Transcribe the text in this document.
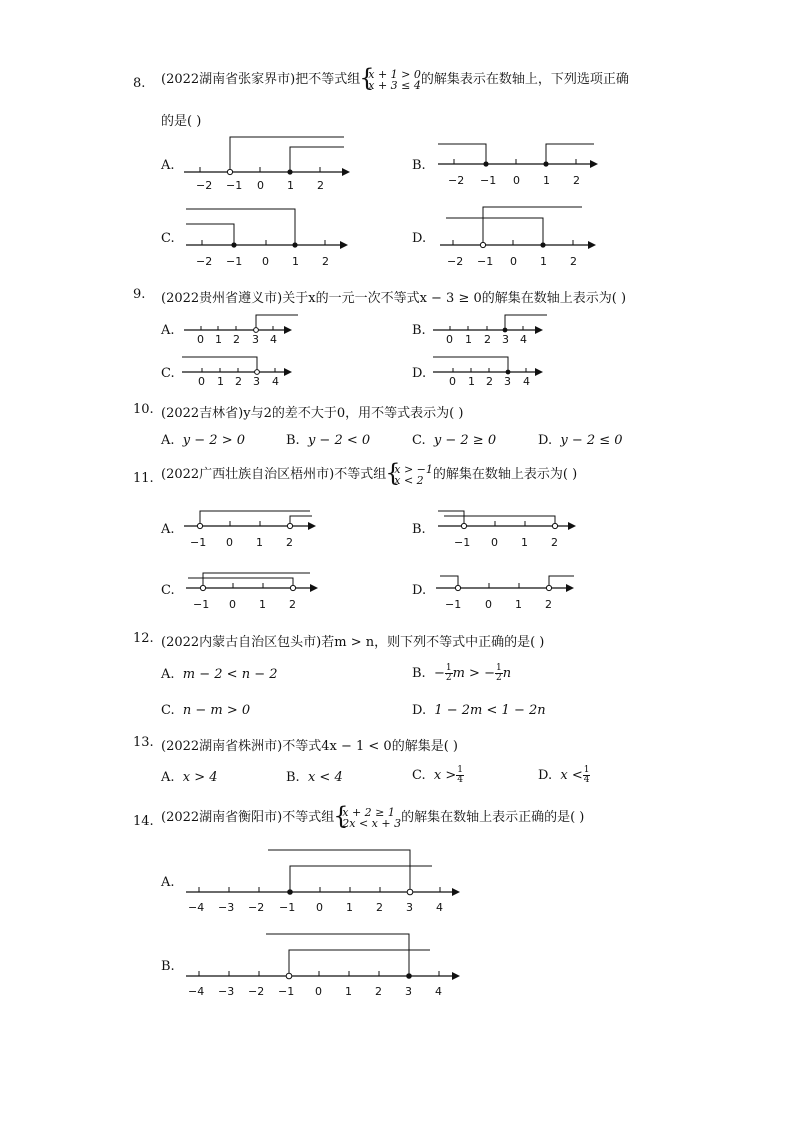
8. (2022湖南省张家界市)把不等式组 { x + 1 > 0
x + 3 ≤ 4 的解集表示在数轴上，下列选项正确
的是( )
A.
−2 −1 0 1 2
B.
−2 −1 0 1 2
C.
−2 −1 0 1 2
D.
−2 −1 0 1 2
9. (2022贵州省遵义市)关于x的一元一次不等式x − 3 ≥ 0的解集在数轴上表示为( )
A.
0 1 2 3 4
B.
0 1 2 3 4
C.
0 1 2 3 4
D.
0 1 2 3 4
10. (2022吉林省)y与2的差不大于0，用不等式表示为( )
A. y − 2 > 0	B. y − 2 < 0	C. y − 2 ≥ 0	D. y − 2 ≤ 0
11. (2022广西壮族自治区梧州市)不等式组 { x > −1
x < 2 的解集在数轴上表示为( )
A.
−1 0 1 2
B.
−1 0 1 2
C.
−1 0 1 2
D.
−1 0 1 2
12. (2022内蒙古自治区包头市)若m > n，则下列不等式中正确的是( )
A. m − 2 < n − 2	B. − $\frac{1}{2}$ m > − $\frac{1}{2}$ n
C. n − m > 0	D. 1 − 2m < 1 − 2n
13. (2022湖南省株洲市)不等式4x − 1 < 0的解集是( )
A. x > 4	B. x < 4	C. $x > \frac{1}{4}$	D. $x < \frac{1}{4}$
14. (2022湖南省衡阳市)不等式组 { x + 2 ≥ 1
2x < x + 3 的解集在数轴上表示正确的是( )
A.
−4 −3 −2 −1 0 1 2 3 4
B.
−4 −3 −2 −1 0 1 2 3 4
